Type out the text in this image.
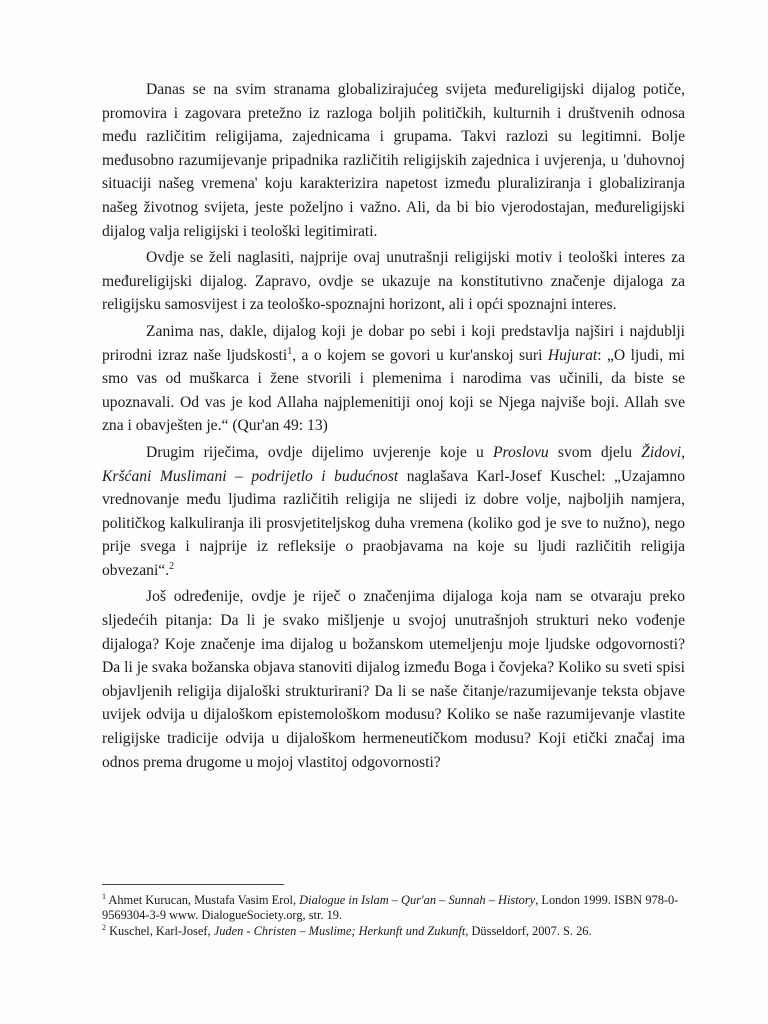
Danas se na svim stranama globalizirajućeg svijeta međureligijski dijalog potiče, promovira i zagovara pretežno iz razloga boljih političkih, kulturnih i društvenih odnosa među različitim religijama, zajednicama i grupama. Takvi razlozi su legitimni. Bolje međusobno razumijevanje pripadnika različitih religijskih zajednica i uvjerenja, u 'duhovnoj situaciji našeg vremena' koju karakterizira napetost između pluraliziranja i globaliziranja našeg životnog svijeta, jeste poželjno i važno. Ali, da bi bio vjerodostajan, međureligijski dijalog valja religijski i teološki legitimirati.

Ovdje se želi naglasiti, najprije ovaj unutrašnji religijski motiv i teološki interes za međureligijski dijalog. Zapravo, ovdje se ukazuje na konstitutivno značenje dijaloga za religijsku samosvijest i za teološko-spoznajni horizont, ali i opći spoznajni interes.

Zanima nas, dakle, dijalog koji je dobar po sebi i koji predstavlja najširi i najdublji prirodni izraz naše ljudskosti$^1$, a o kojem se govori u kur'anskoj suri Hujurat: „O ljudi, mi smo vas od muškarca i žene stvorili i plemenima i narodima vas učinili, da biste se upoznavali. Od vas je kod Allaha najplemenitiji onoj koji se Njega najviše boji. Allah sve zna i obavješten je.“ (Qur'an 49: 13)

Drugim riječima, ovdje dijelimo uvjerenje koje u Proslovu svom djelu Židovi, Kršćani Muslimani – podrijetlo i budućnost naglašava Karl-Josef Kuschel: „Uzajamno vrednovanje među ljudima različitih religija ne slijedi iz dobre volje, najboljih namjera, političkog kalkuliranja ili prosvjetiteljskog duha vremena (koliko god je sve to nužno), nego prije svega i najprije iz refleksije o praobjavama na koje su ljudi različitih religija obvezani“.$^2$

Još određenije, ovdje je riječ o značenjima dijaloga koja nam se otvaraju preko sljedećih pitanja: Da li je svako mišljenje u svojoj unutrašnjoh strukturi neko vođenje dijaloga? Koje značenje ima dijalog u božanskom utemeljenju moje ljudske odgovornosti? Da li je svaka božanska objava stanoviti dijalog između Boga i čovjeka? Koliko su sveti spisi objavljenih religija dijaloški strukturirani? Da li se naše čitanje/razumijevanje teksta objave uvijek odvija u dijaloškom epistemološkom modusu? Koliko se naše razumijevanje vlastite religijske tradicije odvija u dijaloškom hermeneutičkom modusu? Koji etički značaj ima odnos prema drugome u mojoj vlastitoj odgovornosti?

$^1$ Ahmet Kurucan, Mustafa Vasim Erol, Dialogue in Islam – Qur'an – Sunnah – History, London 1999. ISBN 978-0-9569304-3-9 www. DialogueSociety.org, str. 19.

$^2$ Kuschel, Karl-Josef, Juden - Christen – Muslime; Herkunft und Zukunft, Düsseldorf, 2007. S. 26.
